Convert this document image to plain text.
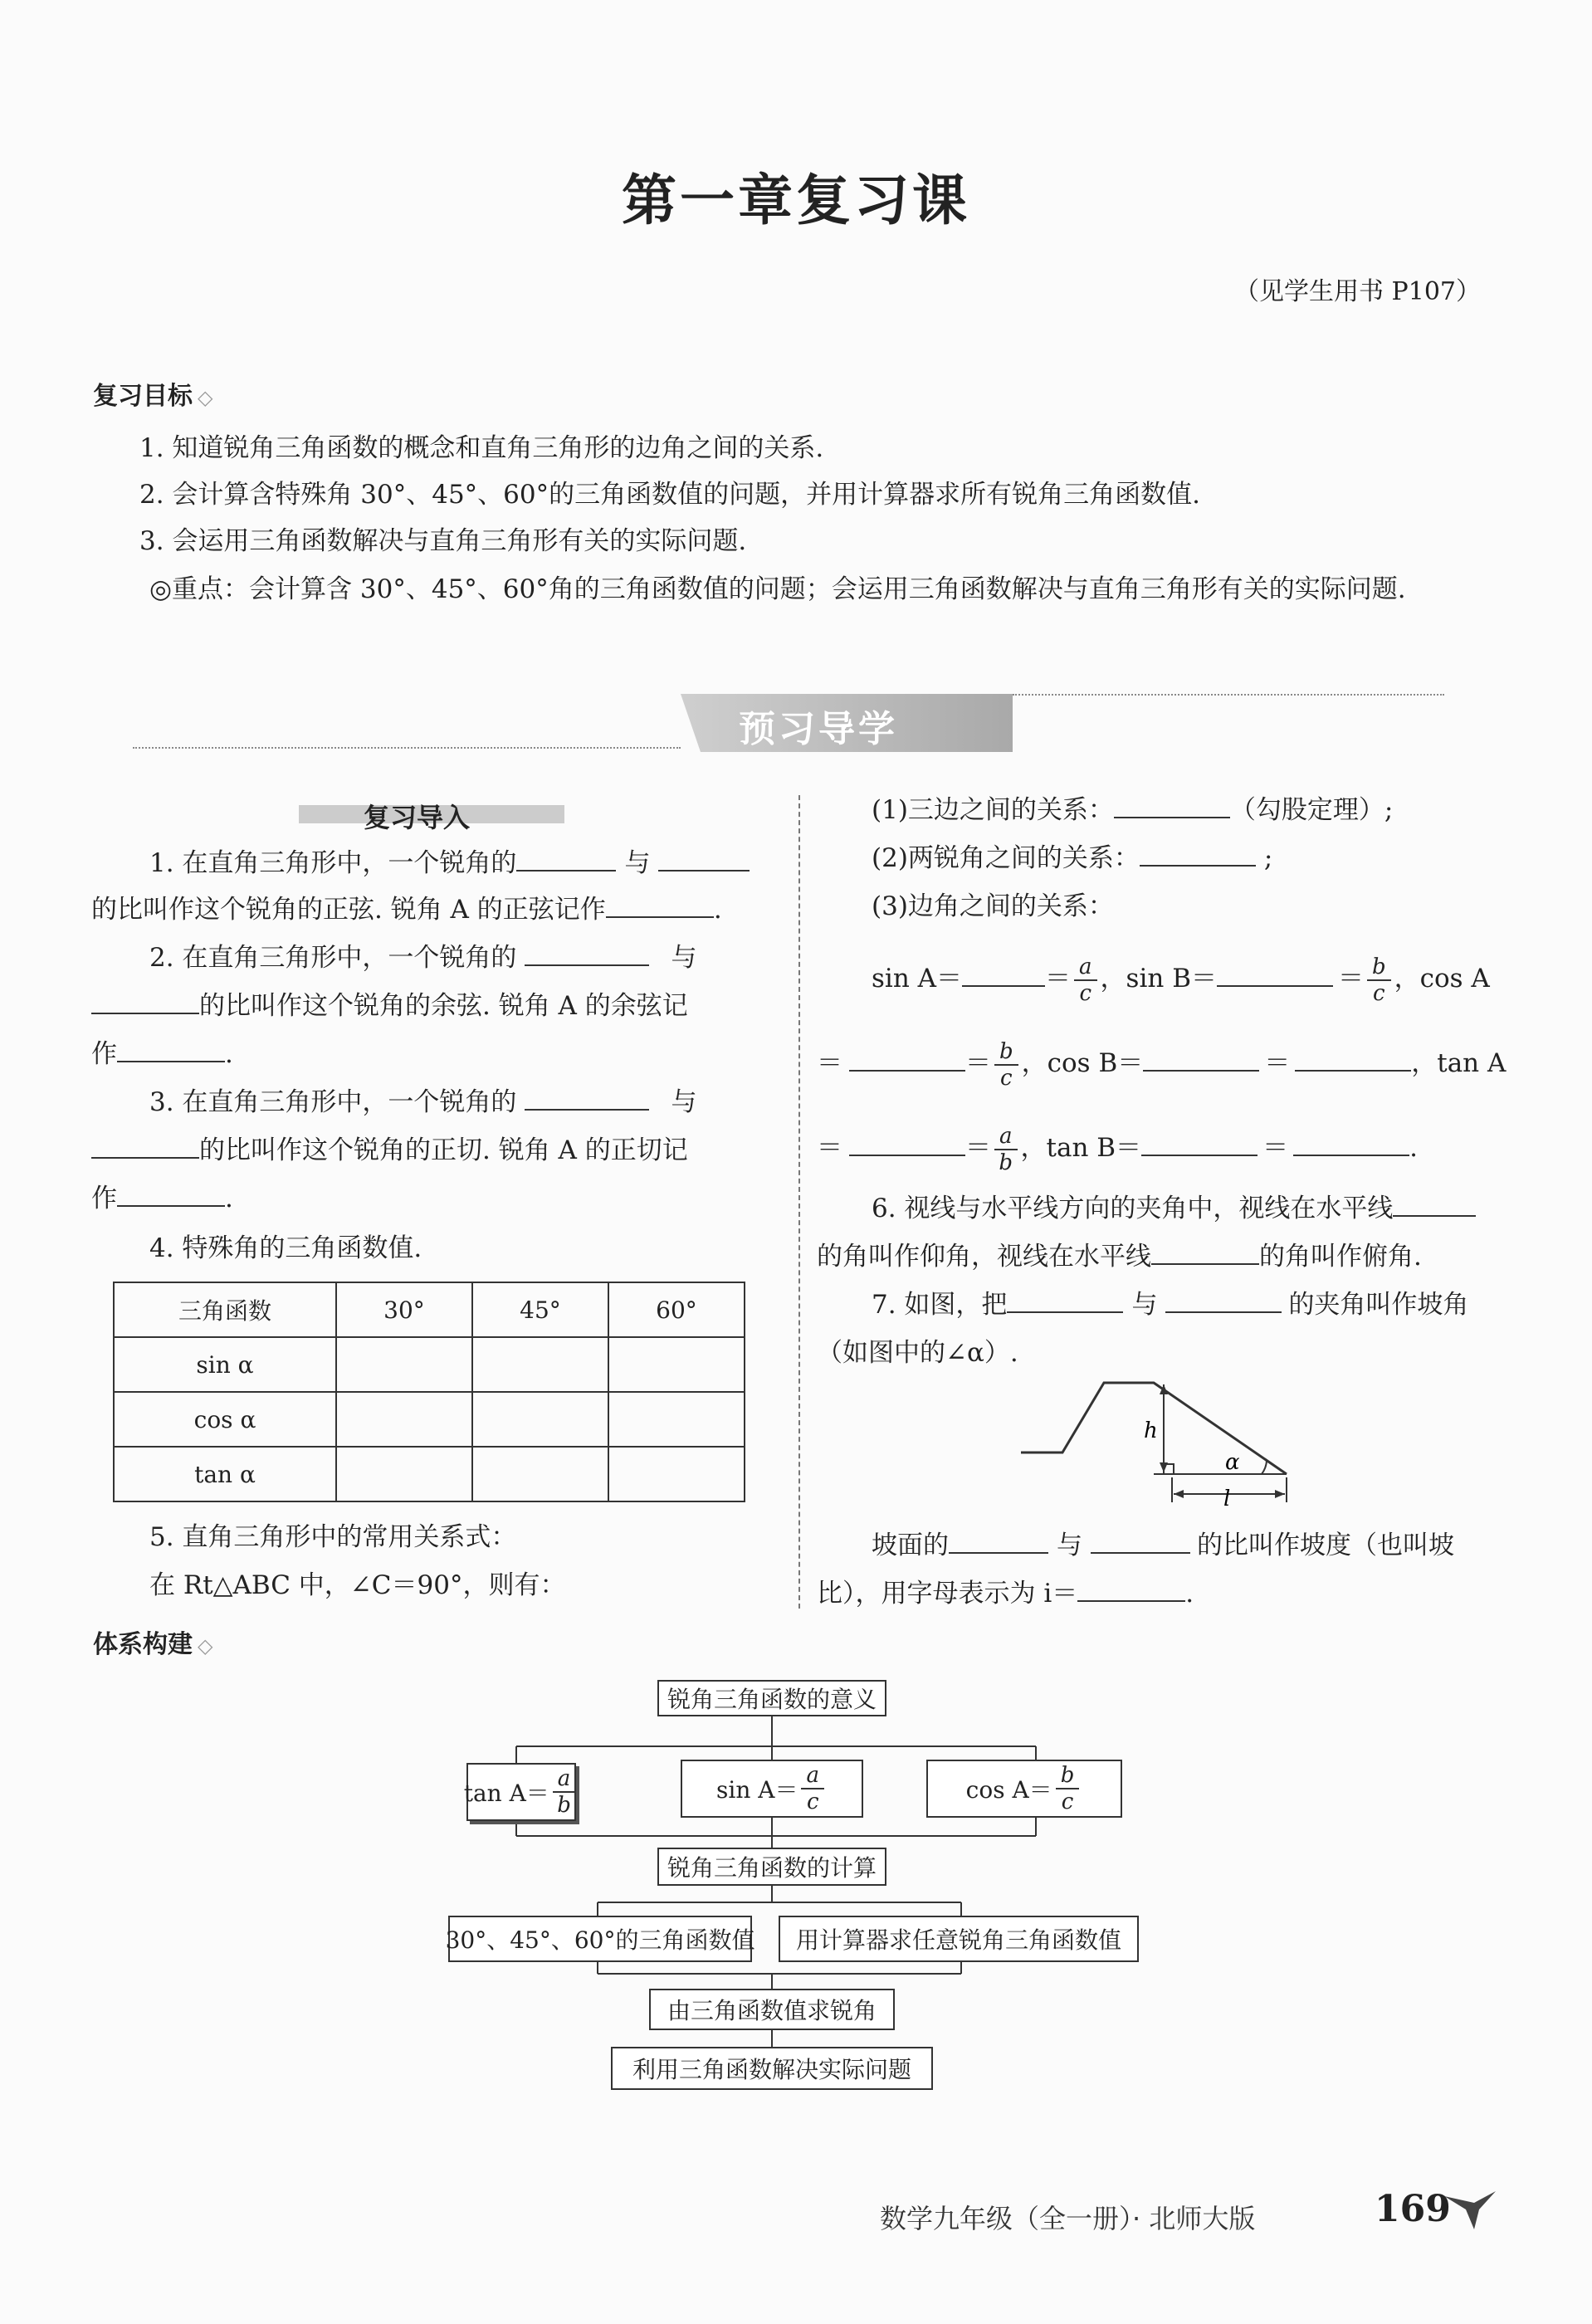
第一章复习课
（见学生用书 P107）
复习目标 ◇
1. 知道锐角三角函数的概念和直角三角形的边角之间的关系.
2. 会计算含特殊角 30°、45°、60°的三角函数值的问题，并用计算器求所有锐角三角函数值.
3. 会运用三角函数解决与直角三角形有关的实际问题.
◎重点：会计算含 30°、45°、60°角的三角函数值的问题；会运用三角函数解决与直角三角形有关的实际问题.
预习导学
复习导入
1. 在直角三角形中，一个锐角的	与
的比叫作这个锐角的正弦. 锐角 A 的正弦记作	.
2. 在直角三角形中，一个锐角的	与
的比叫作这个锐角的余弦. 锐角 A 的余弦记
作	.
3. 在直角三角形中，一个锐角的	与
的比叫作这个锐角的正切. 锐角 A 的正切记
作	.
4. 特殊角的三角函数值.
三角函数	30°	45°	60°
sin α			
cos α			
tan α			
5. 直角三角形中的常用关系式：
在 Rt△ABC 中，∠C＝90°，则有：
(1)三边之间的关系：	（勾股定理）;
(2)两锐角之间的关系：	;
(3)边角之间的关系：
sin A＝	＝ $\frac{a}{c}$ ，sin B＝	＝ $\frac{b}{c}$ ，cos A
＝	＝ $\frac{b}{c}$ ，cos B＝	＝	，tan A
＝	＝ $\frac{a}{b}$ ，tan B＝	＝	.
6. 视线与水平线方向的夹角中，视线在水平线
的角叫作仰角，视线在水平线	的角叫作俯角.
7. 如图，把	与	的夹角叫作坡角
（如图中的∠α）.
h
α
l
坡面的	与	的比叫作坡度（也叫坡
比），用字母表示为 i＝	.
体系构建 ◇
锐角三角函数的意义
$\tan A= \frac{a}{b}$	$\sin A= \frac{a}{c}$	$\cos A= \frac{b}{c}$
锐角三角函数的计算
30°、45°、60°的三角函数值	用计算器求任意锐角三角函数值
由三角函数值求锐角
利用三角函数解决实际问题
数学九年级（全一册）· 北师大版	169
